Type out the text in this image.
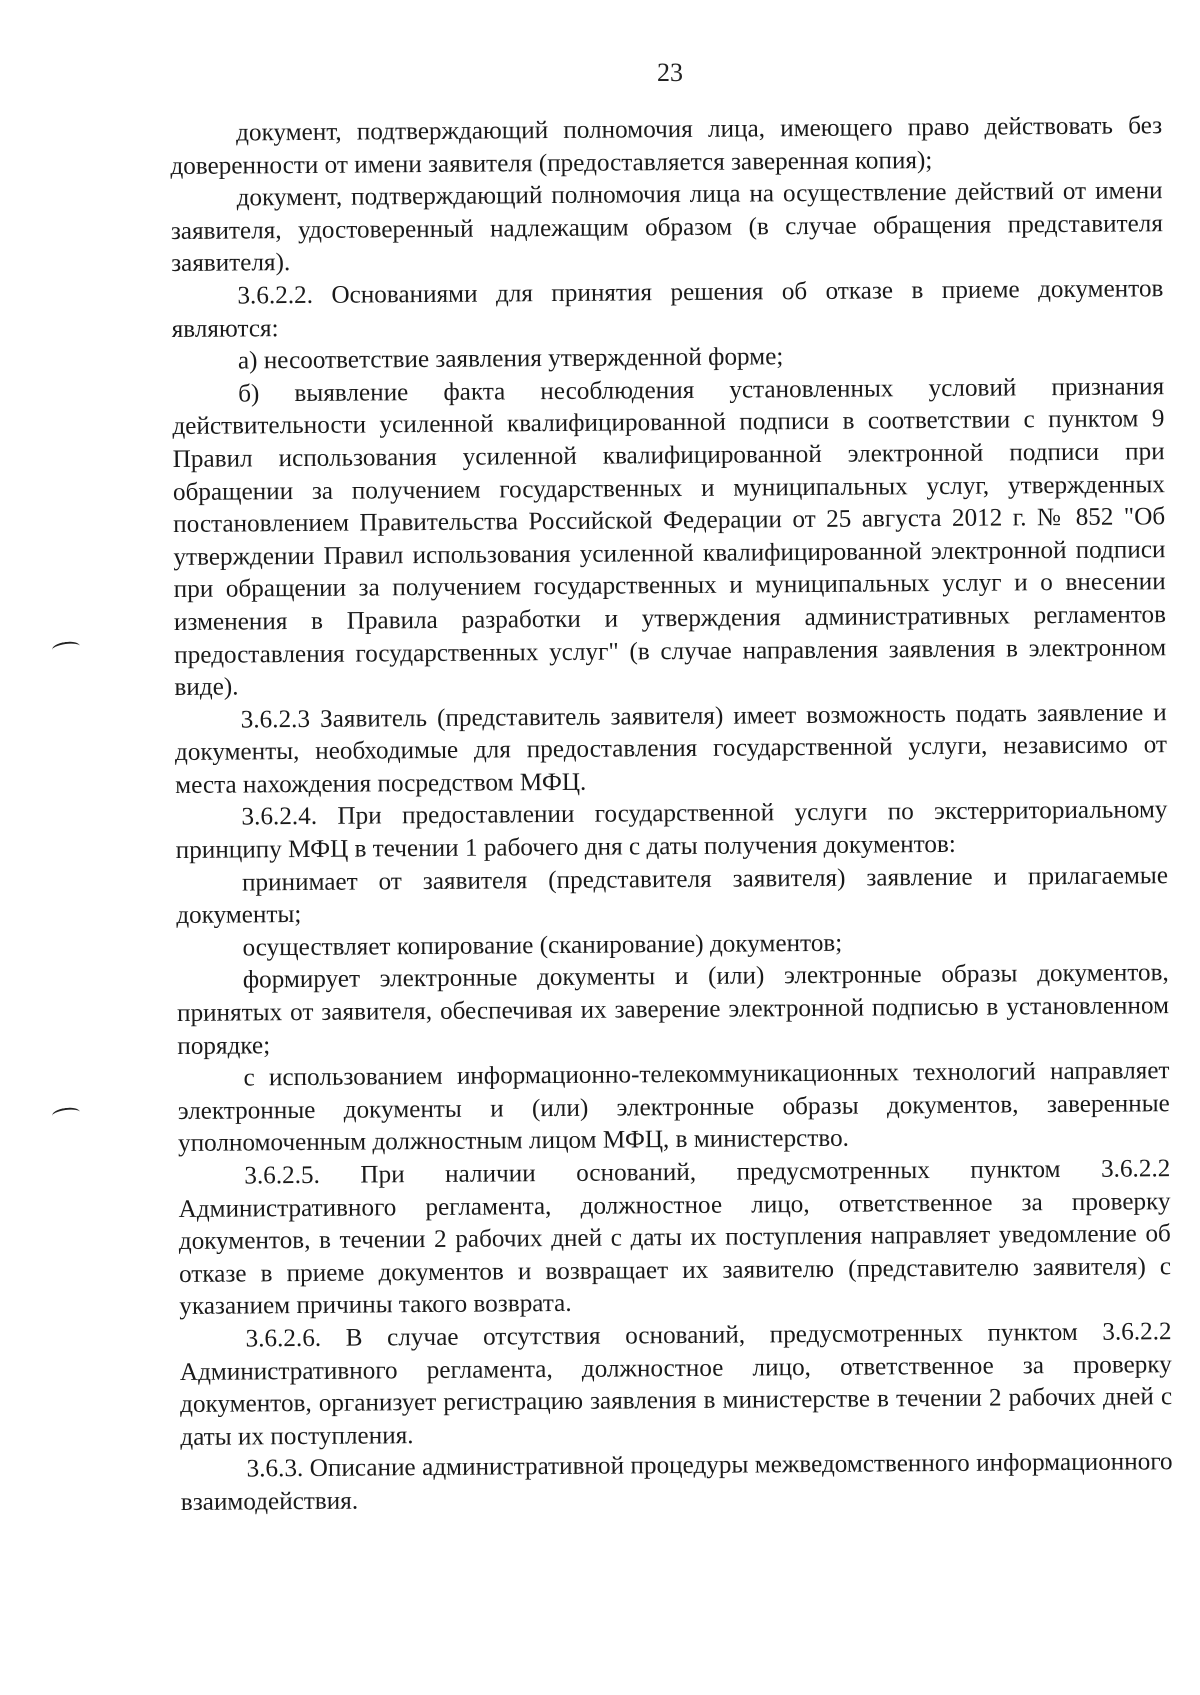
23

документ, подтверждающий полномочия лица, имеющего право действовать без доверенности от имени заявителя (предоставляется заверенная копия);

документ, подтверждающий полномочия лица на осуществление действий от имени заявителя, удостоверенный надлежащим образом (в случае обращения представителя заявителя).

3.6.2.2. Основаниями для принятия решения об отказе в приеме документов являются:

а) несоответствие заявления утвержденной форме;

б) выявление факта несоблюдения установленных условий признания действительности усиленной квалифицированной подписи в соответствии с пунктом 9 Правил использования усиленной квалифицированной электронной подписи при обращении за получением государственных и муниципальных услуг, утвержденных постановлением Правительства Российской Федерации от 25 августа 2012 г. № 852 "Об утверждении Правил использования усиленной квалифицированной электронной подписи при обращении за получением государственных и муниципальных услуг и о внесении изменения в Правила разработки и утверждения административных регламентов предоставления государственных услуг" (в случае направления заявления в электронном виде).

3.6.2.3 Заявитель (представитель заявителя) имеет возможность подать заявление и документы, необходимые для предоставления государственной услуги, независимо от места нахождения посредством МФЦ.

3.6.2.4. При предоставлении государственной услуги по экстерриториальному принципу МФЦ в течении 1 рабочего дня с даты получения документов:

принимает от заявителя (представителя заявителя) заявление и прилагаемые документы;

осуществляет копирование (сканирование) документов;

формирует электронные документы и (или) электронные образы документов, принятых от заявителя, обеспечивая их заверение электронной подписью в установленном порядке;

с использованием информационно-телекоммуникационных технологий направляет электронные документы и (или) электронные образы документов, заверенные уполномоченным должностным лицом МФЦ, в министерство.

3.6.2.5. При наличии оснований, предусмотренных пунктом 3.6.2.2 Административного регламента, должностное лицо, ответственное за проверку документов, в течении 2 рабочих дней с даты их поступления направляет уведомление об отказе в приеме документов и возвращает их заявителю (представителю заявителя) с указанием причины такого возврата.

3.6.2.6. В случае отсутствия оснований, предусмотренных пунктом 3.6.2.2 Административного регламента, должностное лицо, ответственное за проверку документов, организует регистрацию заявления в министерстве в течении 2 рабочих дней с даты их поступления.

3.6.3. Описание административной процедуры межведомственного информационного взаимодействия.
